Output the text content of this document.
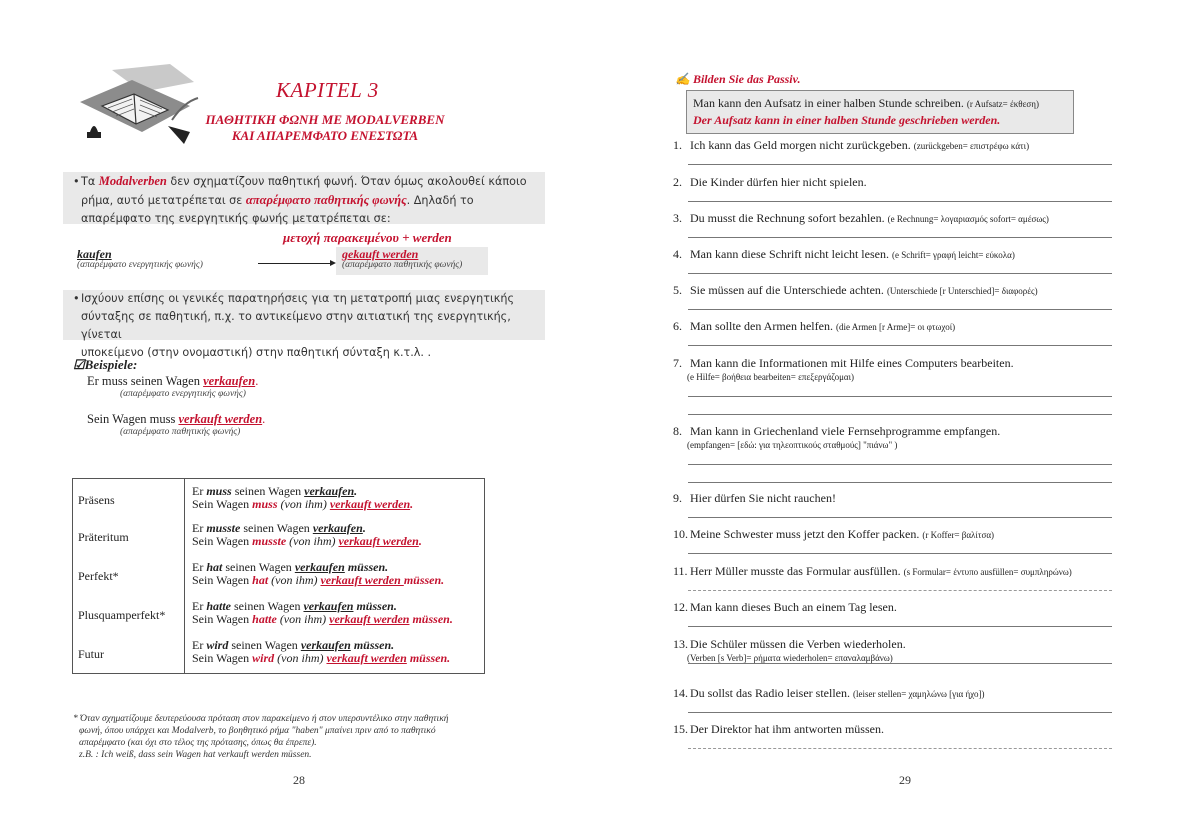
KAPITEL 3
ΠΑΘΗΤΙΚΗ ΦΩΝΗ ΜΕ MODALVERBEN
ΚΑΙ ΑΠΑΡΕΜΦΑΤΟ ΕΝΕΣΤΩΤΑ
•Τα Modalverben δεν σχηματίζουν παθητική φωνή. Όταν όμως ακολουθεί κάποιο
ρήμα, αυτό μετατρέπεται σε απαρέμφατο παθητικής φωνής. Δηλαδή το
απαρέμφατο της ενεργητικής φωνής μετατρέπεται σε:
μετοχή παρακειμένου + werden
kaufen
(απαρέμφατο ενεργητικής φωνής)
gekauft werden
(απαρέμφατο παθητικής φωνής)
•Ισχύουν επίσης οι γενικές παρατηρήσεις για τη μετατροπή μιας ενεργητικής
σύνταξης σε παθητική, π.χ. το αντικείμενο στην αιτιατική της ενεργητικής, γίνεται
υποκείμενο (στην ονομαστική) στην παθητική σύνταξη κ.τ.λ. .
☑Beispiele:
Er muss seinen Wagen verkaufen.
(απαρέμφατο ενεργητικής φωνής)
Sein Wagen muss verkauft werden.
(απαρέμφατο παθητικής φωνής)
Präsens	Er muss seinen Wagen verkaufen.
Sein Wagen muss (von ihm) verkauft werden.

Präteritum	Er musste seinen Wagen verkaufen.
Sein Wagen musste (von ihm) verkauft werden.

Perfekt*	Er hat seinen Wagen verkaufen müssen.
Sein Wagen hat (von ihm) verkauft werden müssen.

Plusquamperfekt*	Er hatte seinen Wagen verkaufen müssen.
Sein Wagen hatte (von ihm) verkauft werden müssen.

Futur	Er wird seinen Wagen verkaufen müssen.
Sein Wagen wird (von ihm) verkauft werden müssen.
* Όταν σχηματίζουμε δευτερεύουσα πρόταση στον παρακείμενο ή στον υπερσυντέλικο στην παθητική
φωνή, όπου υπάρχει και Modalverb, το βοηθητικό ρήμα "haben" μπαίνει πριν από το παθητικό
απαρέμφατο (και όχι στο τέλος της πρότασης, όπως θα έπρεπε).
z.B. : Ich weiß, dass sein Wagen hat verkauft werden müssen.
28
✍ Bilden Sie das Passiv.
Man kann den Aufsatz in einer halben Stunde schreiben. (r Aufsatz= έκθεση)
Der Aufsatz kann in einer halben Stunde geschrieben werden.
1. Ich kann das Geld morgen nicht zurückgeben. (zurückgeben= επιστρέφω κάτι)
2. Die Kinder dürfen hier nicht spielen.
3. Du musst die Rechnung sofort bezahlen. (e Rechnung= λογαριασμός sofort= αμέσως)
4. Man kann diese Schrift nicht leicht lesen. (e Schrift= γραφή leicht= εύκολα)
5. Sie müssen auf die Unterschiede achten. (Unterschiede [r Unterschied]= διαφορές)
6. Man sollte den Armen helfen. (die Armen [r Arme]= οι φτωχοί)
7. Man kann die Informationen mit Hilfe eines Computers bearbeiten.
(e Hilfe= βοήθεια bearbeiten= επεξεργάζομαι)
8. Man kann in Griechenland viele Fernsehprogramme empfangen.
(empfangen= [εδώ: για τηλεοπτικούς σταθμούς] "πιάνω" )
9. Hier dürfen Sie nicht rauchen!
10. Meine Schwester muss jetzt den Koffer packen. (r Koffer= βαλίτσα)
11. Herr Müller musste das Formular ausfüllen. (s Formular= έντυπο ausfüllen= συμπληρώνω)
12. Man kann dieses Buch an einem Tag lesen.
13. Die Schüler müssen die Verben wiederholen.
(Verben [s Verb]= ρήματα wiederholen= επαναλαμβάνω)
14. Du sollst das Radio leiser stellen. (leiser stellen= χαμηλώνω [για ήχο])
15. Der Direktor hat ihm antworten müssen.
29
